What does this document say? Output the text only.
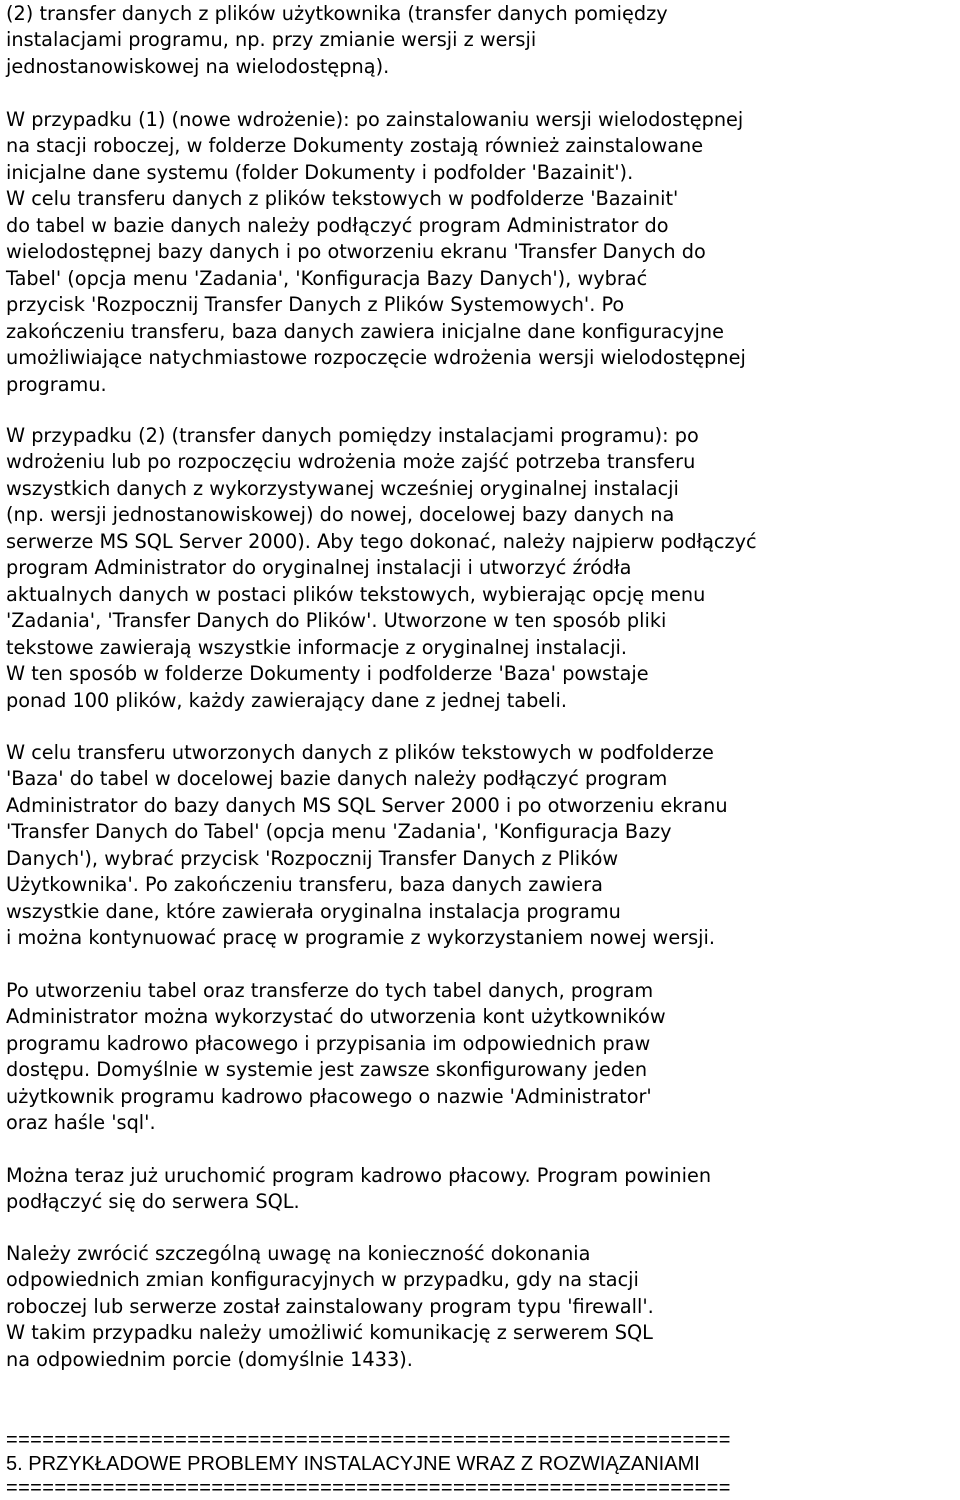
(2) transfer danych z plików użytkownika (transfer danych pomiędzy
instalacjami programu, np. przy zmianie wersji z wersji
jednostanowiskowej na wielodostępną).
W przypadku (1) (nowe wdrożenie): po zainstalowaniu wersji wielodostępnej
na stacji roboczej, w folderze Dokumenty zostają również zainstalowane
inicjalne dane systemu (folder Dokumenty i podfolder 'Bazainit').
W celu transferu danych z plików tekstowych w podfolderze 'Bazainit'
do tabel w bazie danych należy podłączyć program Administrator do
wielodostępnej bazy danych i po otworzeniu ekranu 'Transfer Danych do
Tabel' (opcja menu 'Zadania', 'Konfiguracja Bazy Danych'), wybrać
przycisk 'Rozpocznij Transfer Danych z Plików Systemowych'. Po
zakończeniu transferu, baza danych zawiera inicjalne dane konfiguracyjne
umożliwiające natychmiastowe rozpoczęcie wdrożenia wersji wielodostępnej
programu.
W przypadku (2) (transfer danych pomiędzy instalacjami programu): po
wdrożeniu lub po rozpoczęciu wdrożenia może zajść potrzeba transferu
wszystkich danych z wykorzystywanej wcześniej oryginalnej instalacji
(np. wersji jednostanowiskowej) do nowej, docelowej bazy danych na
serwerze MS SQL Server 2000). Aby tego dokonać, należy najpierw podłączyć
program Administrator do oryginalnej instalacji i utworzyć źródła
aktualnych danych w postaci plików tekstowych, wybierając opcję menu
'Zadania', 'Transfer Danych do Plików'. Utworzone w ten sposób pliki
tekstowe zawierają wszystkie informacje z oryginalnej instalacji.
W ten sposób w folderze Dokumenty i podfolderze 'Baza' powstaje
ponad 100 plików, każdy zawierający dane z jednej tabeli.
W celu transferu utworzonych danych z plików tekstowych w podfolderze
'Baza' do tabel w docelowej bazie danych należy podłączyć program
Administrator do bazy danych MS SQL Server 2000 i po otworzeniu ekranu
'Transfer Danych do Tabel' (opcja menu 'Zadania', 'Konfiguracja Bazy
Danych'), wybrać przycisk 'Rozpocznij Transfer Danych z Plików
Użytkownika'. Po zakończeniu transferu, baza danych zawiera
wszystkie dane, które zawierała oryginalna instalacja programu
i można kontynuować pracę w programie z wykorzystaniem nowej wersji.
Po utworzeniu tabel oraz transferze do tych tabel danych, program
Administrator można wykorzystać do utworzenia kont użytkowników
programu kadrowo płacowego i przypisania im odpowiednich praw
dostępu. Domyślnie w systemie jest zawsze skonfigurowany jeden
użytkownik programu kadrowo płacowego o nazwie 'Administrator'
oraz haśle 'sql'.
Można teraz już uruchomić program kadrowo płacowy. Program powinien
podłączyć się do serwera SQL.
Należy zwrócić szczególną uwagę na konieczność dokonania
odpowiednich zmian konfiguracyjnych w przypadku, gdy na stacji
roboczej lub serwerze został zainstalowany program typu 'firewall'.
W takim przypadku należy umożliwić komunikację z serwerem SQL
na odpowiednim porcie (domyślnie 1433).
============================================================
5. PRZYKŁADOWE PROBLEMY INSTALACYJNE WRAZ Z ROZWIĄZANIAMI
============================================================
